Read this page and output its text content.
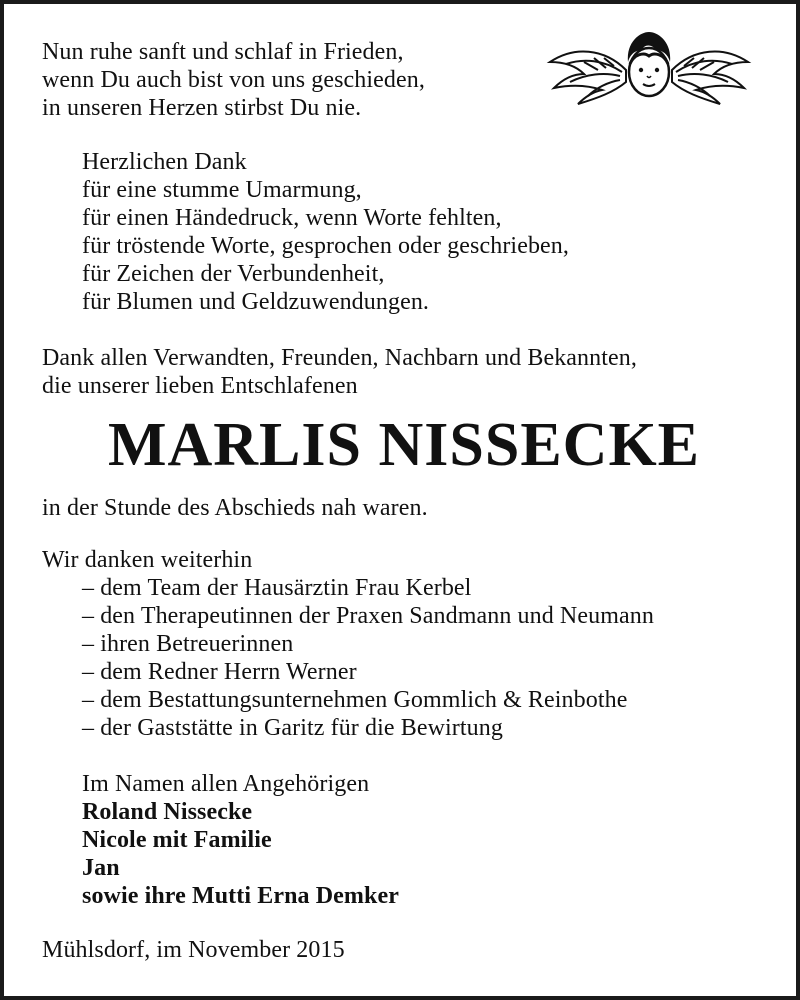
Nun ruhe sanft und schlaf in Frieden,
wenn Du auch bist von uns geschieden,
in unseren Herzen stirbst Du nie.
Herzlichen Dank
für eine stumme Umarmung,
für einen Händedruck, wenn Worte fehlten,
für tröstende Worte, gesprochen oder geschrieben,
für Zeichen der Verbundenheit,
für Blumen und Geldzuwendungen.
Dank allen Verwandten, Freunden, Nachbarn und Bekannten,
die unserer lieben Entschlafenen
MARLIS NISSECKE
in der Stunde des Abschieds nah waren.
Wir danken weiterhin
– dem Team der Hausärztin Frau Kerbel
– den Therapeutinnen der Praxen Sandmann und Neumann
– ihren Betreuerinnen
– dem Redner Herrn Werner
– dem Bestattungsunternehmen Gommlich & Reinbothe
– der Gaststätte in Garitz für die Bewirtung
Im Namen allen Angehörigen
Roland Nissecke
Nicole mit Familie
Jan
sowie ihre Mutti Erna Demker
Mühlsdorf, im November 2015
